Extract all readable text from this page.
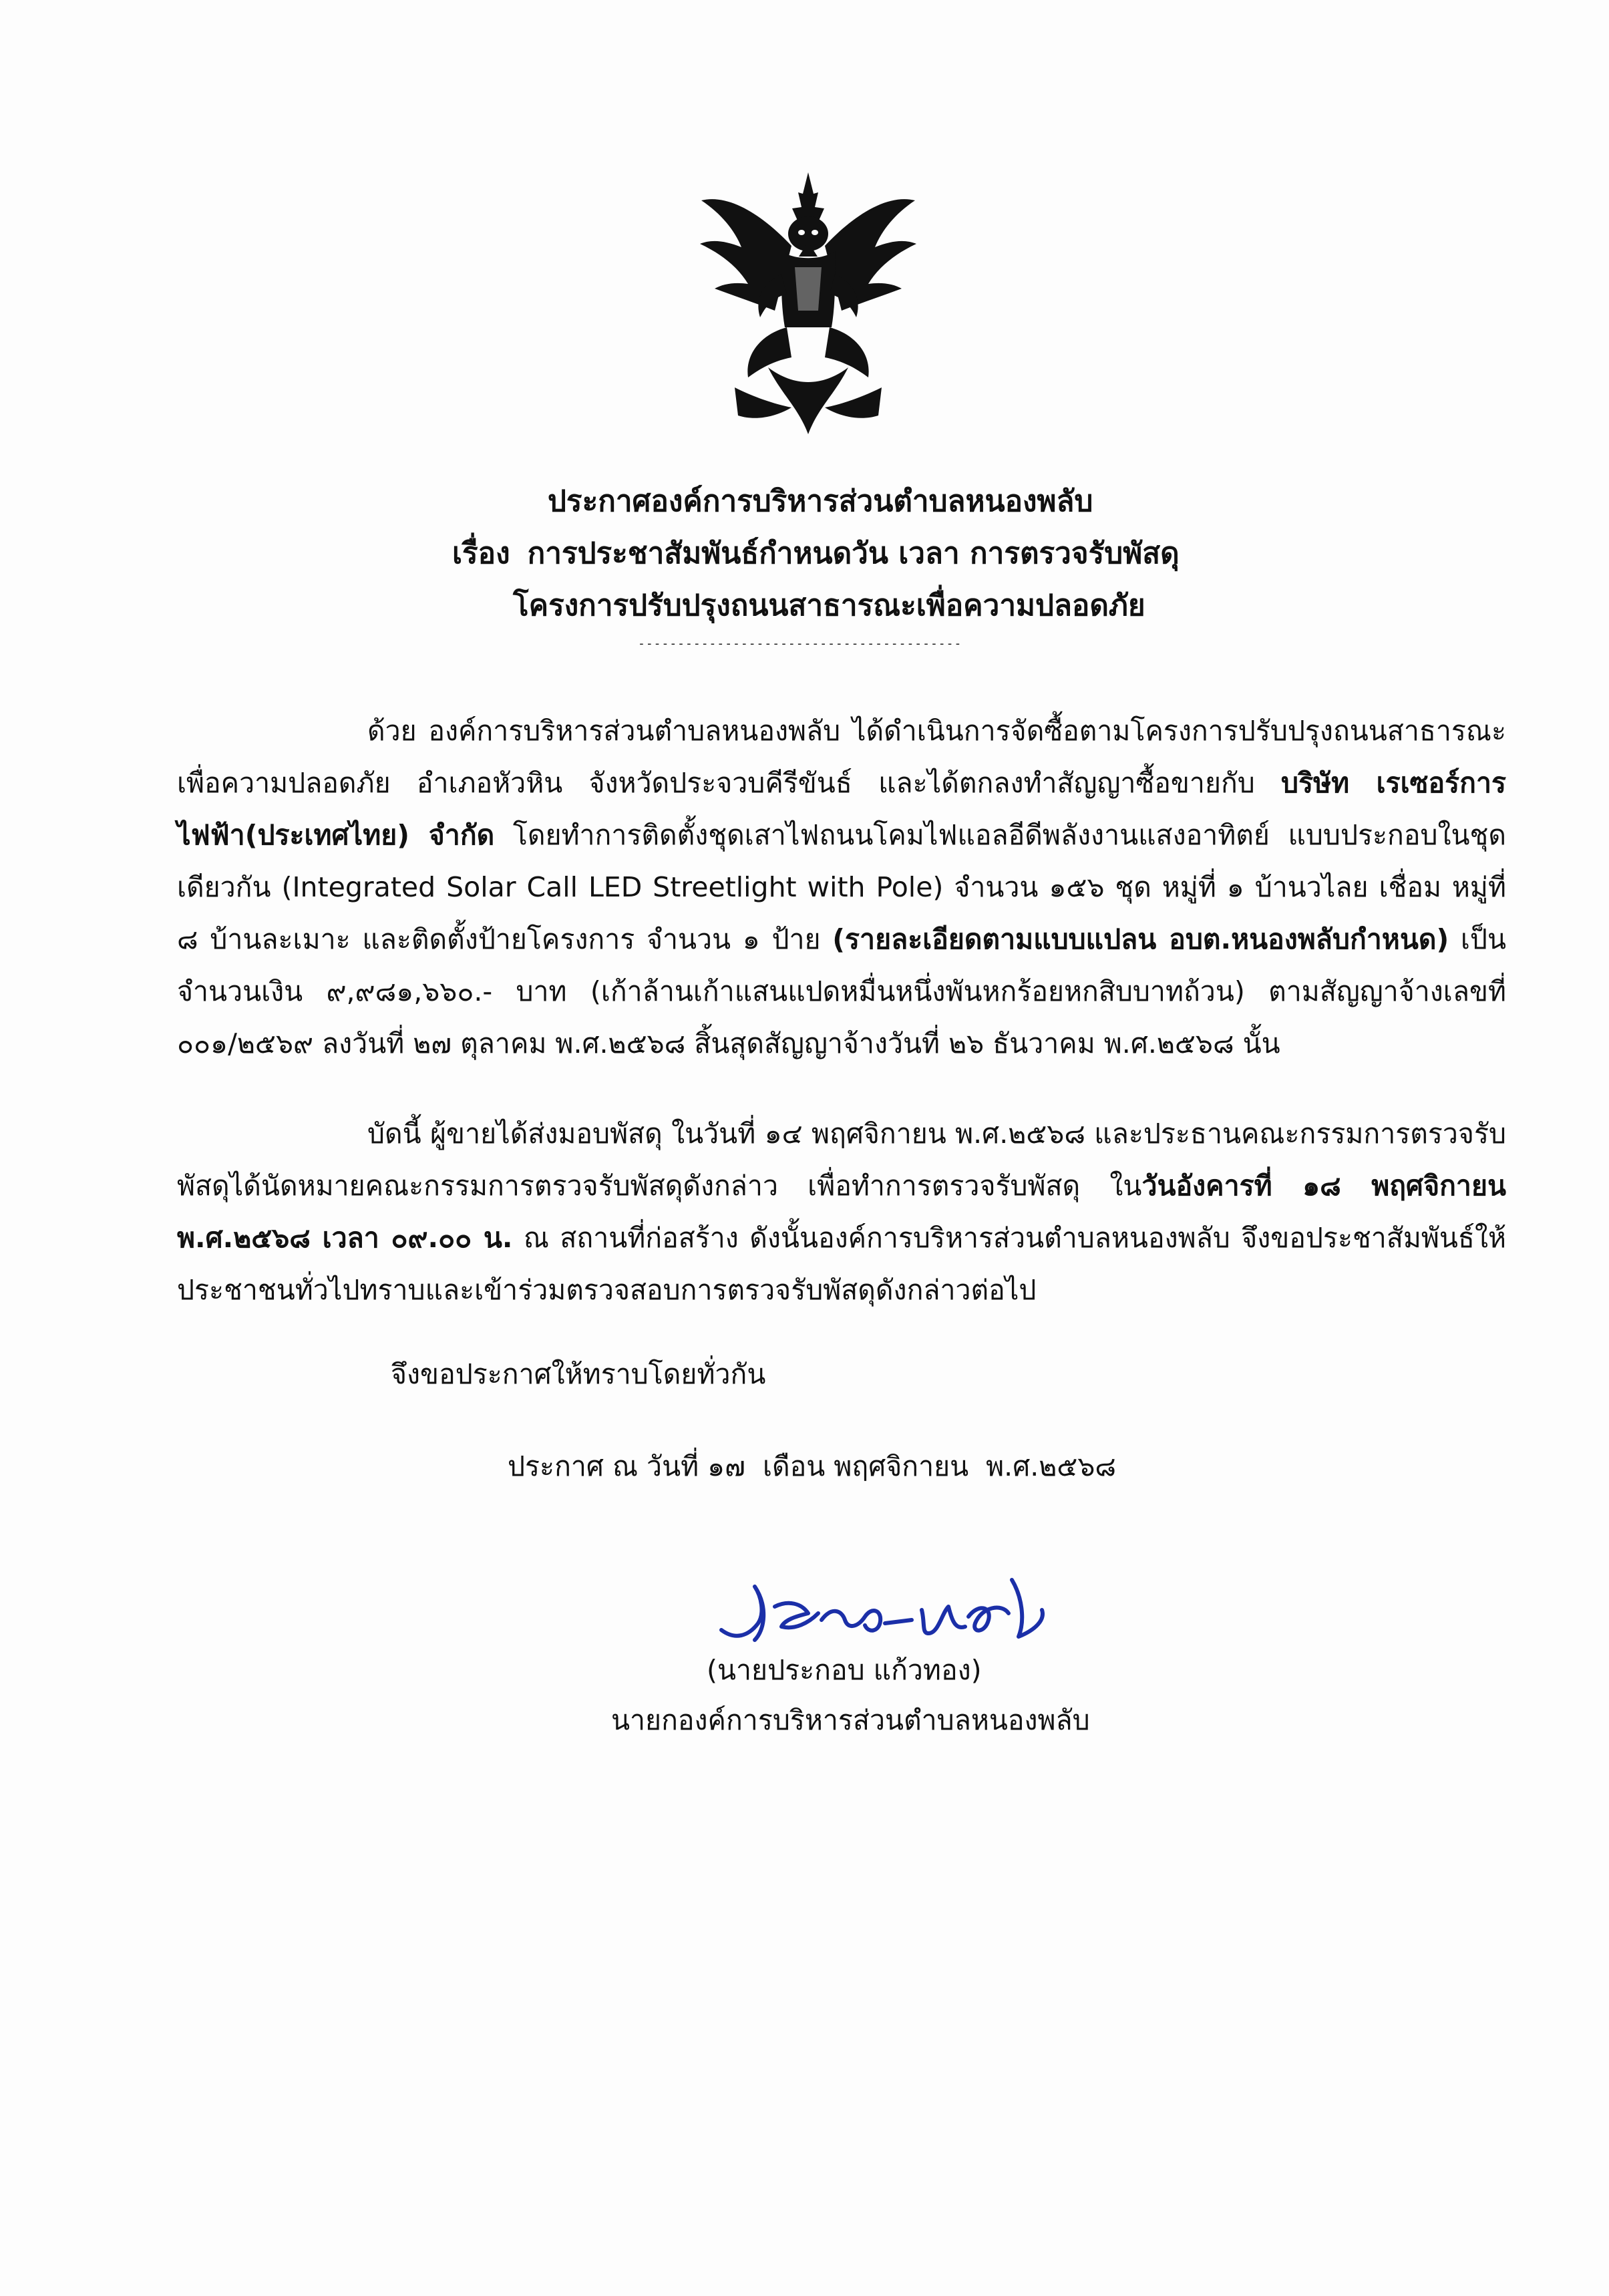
ประกาศองค์การบริหารส่วนตำบลหนองพลับ
เรื่อง การประชาสัมพันธ์กำหนดวัน เวลา การตรวจรับพัสดุ
โครงการปรับปรุงถนนสาธารณะเพื่อความปลอดภัย
-----------------------------------------

ด้วย องค์การบริหารส่วนตำบลหนองพลับ ได้ดำเนินการจัดซื้อตามโครงการปรับปรุงถนนสาธารณะเพื่อความปลอดภัย อำเภอหัวหิน จังหวัดประจวบคีรีขันธ์ และได้ตกลงทำสัญญาซื้อขายกับ บริษัท เรเซอร์การไฟฟ้า(ประเทศไทย) จำกัด โดยทำการติดตั้งชุดเสาไฟถนนโคมไฟแอลอีดีพลังงานแสงอาทิตย์ แบบประกอบในชุดเดียวกัน (Integrated Solar Call LED Streetlight with Pole) จำนวน ๑๕๖ ชุด หมู่ที่ ๑ บ้านวไลย เชื่อม หมู่ที่ ๘ บ้านละเมาะ และติดตั้งป้ายโครงการ จำนวน ๑ ป้าย (รายละเอียดตามแบบแปลน อบต.หนองพลับกำหนด) เป็นจำนวนเงิน ๙,๙๘๑,๖๖๐.- บาท (เก้าล้านเก้าแสนแปดหมื่นหนึ่งพันหกร้อยหกสิบบาทถ้วน) ตามสัญญาจ้างเลขที่ ๐๐๑/๒๕๖๙ ลงวันที่ ๒๗ ตุลาคม พ.ศ.๒๕๖๘ สิ้นสุดสัญญาจ้างวันที่ ๒๖ ธันวาคม พ.ศ.๒๕๖๘ นั้น

บัดนี้ ผู้ขายได้ส่งมอบพัสดุ ในวันที่ ๑๔ พฤศจิกายน พ.ศ.๒๕๖๘ และประธานคณะกรรมการตรวจรับพัสดุได้นัดหมายคณะกรรมการตรวจรับพัสดุดังกล่าว เพื่อทำการตรวจรับพัสดุ ในวันอังคารที่ ๑๘ พฤศจิกายน พ.ศ.๒๕๖๘ เวลา ๐๙.๐๐ น. ณ สถานที่ก่อสร้าง ดังนั้นองค์การบริหารส่วนตำบลหนองพลับ จึงขอประชาสัมพันธ์ให้ประชาชนทั่วไปทราบและเข้าร่วมตรวจสอบการตรวจรับพัสดุดังกล่าวต่อไป

จึงขอประกาศให้ทราบโดยทั่วกัน
ประกาศ ณ วันที่ ๑๗ เดือน พฤศจิกายน พ.ศ.๒๕๖๘
(นายประกอบ แก้วทอง)
นายกองค์การบริหารส่วนตำบลหนองพลับ
